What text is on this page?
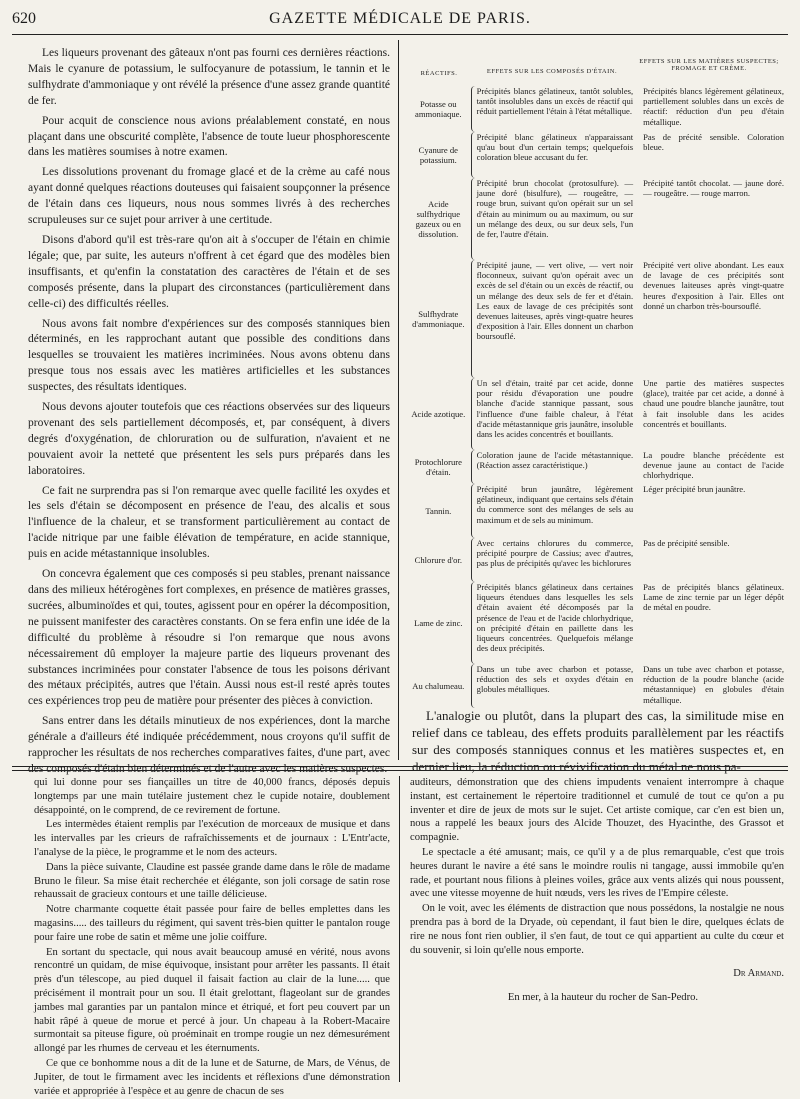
620	GAZETTE MÉDICALE DE PARIS.

Les liqueurs provenant des gâteaux n'ont pas fourni ces dernières réactions. Mais le cyanure de potassium, le sulfocyanure de potassium, le tannin et le sulfhydrate d'ammoniaque y ont révélé la présence d'une assez grande quantité de fer.

Pour acquit de conscience nous avions préalablement constaté, en nous plaçant dans une obscurité complète, l'absence de toute lueur phosphorescente dans les matières soumises à notre examen.

Les dissolutions provenant du fromage glacé et de la crème au café nous ayant donné quelques réactions douteuses qui faisaient soupçonner la présence de l'étain dans ces liqueurs, nous nous sommes livrés à des recherches scrupuleuses sur ce sujet pour arriver à une certitude.

Disons d'abord qu'il est très-rare qu'on ait à s'occuper de l'étain en chimie légale; que, par suite, les auteurs n'offrent à cet égard que des modèles bien insuffisants, et qu'enfin la constatation des caractères de l'étain et de ses composés présente, dans la plupart des circonstances (particulièrement dans celle-ci) des difficultés réelles.

Nous avons fait nombre d'expériences sur des composés stanniques bien déterminés, en les rapprochant autant que possible des conditions dans lesquelles se trouvaient les matières incriminées. Nous avons obtenu dans presque tous nos essais avec les matières artificielles et les substances suspectes, des résultats identiques.

Nous devons ajouter toutefois que ces réactions observées sur des liqueurs provenant des sels partiellement décomposés, et, par conséquent, à divers degrés d'oxygénation, de chloruration ou de sulfuration, n'avaient et ne pouvaient avoir la netteté que présentent les sels purs préparés dans les laboratoires.

Ce fait ne surprendra pas si l'on remarque avec quelle facilité les oxydes et les sels d'étain se décomposent en présence de l'eau, des alcalis et sous l'influence de la chaleur, et se transforment particulièrement au contact de l'acide nitrique par une faible élévation de température, en acide stannique, puis en acide métastannique insolubles.

On concevra également que ces composés si peu stables, prenant naissance dans des milieux hétérogènes fort complexes, en présence de matières grasses, sucrées, albuminoïdes et qui, toutes, agissent pour en opérer la décomposition, ne puissent manifester des caractères constants. On se fera enfin une idée de la difficulté du problème à résoudre si l'on remarque que nous avons nécessairement dû employer la majeure partie des liqueurs provenant des substances incriminées pour constater l'absence de tous les poisons dérivant des métaux précipités, autres que l'étain. Aussi nous est-il resté après toutes ces expériences trop peu de matière pour présenter des pièces à conviction.

Sans entrer dans les détails minutieux de nos expériences, dont la marche générale a d'ailleurs été indiquée précédemment, nous croyons qu'il suffit de rapprocher les résultats de nos recherches comparatives faites, d'une part, avec des composés d'étain bien déterminés et de l'autre avec les matières suspectes.

RÉACTIFS.	EFFETS SUR LES COMPOSÉS D'ÉTAIN.
EFFETS SUR LES MATIÈRES SUSPECTES; FROMAGE ET CRÈME.
Potasse ou ammoniaque.
Précipités blancs gélatineux, tantôt solubles, tantôt insolubles dans un excès de réactif qui réduit partiellement l'étain à l'état métallique.
Précipités blancs légèrement gélatineux, partiellement solubles dans un excès de réactif: réduction d'un peu d'étain métallique.
Cyanure de potassium.
Précipité blanc gélatineux n'apparaissant qu'au bout d'un certain temps; quelquefois coloration bleue accusant du fer.
Pas de précité sensible. Coloration bleue.
Acide sulfhydrique gazeux ou en dissolution.
Précipité brun chocolat (protosulfure). — jaune doré (bisulfure), — rougeâtre, — rouge brun, suivant qu'on opérait sur un sel d'étain au minimum ou au maximum, ou sur un mélange des deux, ou sur deux sels, l'un de fer, l'autre d'étain.
Précipité tantôt chocolat. — jaune doré. — rougeâtre. — rouge marron.
Sulfhydrate d'ammoniaque.
Précipité jaune, — vert olive, — vert noir floconneux, suivant qu'on opérait avec un excès de sel d'étain ou un excès de réactif, ou un mélange des deux sels de fer et d'étain. Les eaux de lavage de ces précipités sont devenues laiteuses, après vingt-quatre heures d'exposition à l'air. Elles donnent un charbon boursouflé.
Précipité vert olive abondant. Les eaux de lavage de ces précipités sont devenues laiteuses après vingt-quatre heures d'exposition à l'air. Elles ont donné un charbon très-boursouflé.
Acide azotique.
Un sel d'étain, traité par cet acide, donne pour résidu d'évaporation une poudre blanche d'acide stannique passant, sous l'influence d'une faible chaleur, à l'état d'acide métastannique gris jaunâtre, insoluble dans les acides concentrés et bouillants.
Une partie des matières suspectes (glace), traitée par cet acide, a donné à chaud une poudre blanche jaunâtre, tout à fait insoluble dans les acides concentrés et bouillants.
Protochlorure d'étain.
Coloration jaune de l'acide métastannique. (Réaction assez caractéristique.)
La poudre blanche précédente est devenue jaune au contact de l'acide chlorhydrique.
Tannin.
Précipité brun jaunâtre, légèrement gélatineux, indiquant que certains sels d'étain du commerce sont des mélanges de sels au maximum et de sels au minimum.
Léger précipité brun jaunâtre.
Chlorure d'or.
Avec certains chlorures du commerce, précipité pourpre de Cassius; avec d'autres, pas plus de précipités qu'avec les bichlorures
Pas de précipité sensible.
Lame de zinc.
Précipités blancs gélatineux dans certaines liqueurs étendues dans lesquelles les sels d'étain avaient été décomposés par la présence de l'eau et de l'acide chlorhydrique, on précipité d'étain en paillette dans les liqueurs concentrées. Quelquefois mélange des deux précipités.
Pas de précipités blancs gélatineux. Lame de zinc ternie par un léger dépôt de métal en poudre.
Au chalumeau.
Dans un tube avec charbon et potasse, réduction des sels et oxydes d'étain en globules métalliques.
Dans un tube avec charbon et potasse, réduction de la poudre blanche (acide métastannique) en globules d'étain métallique.

L'analogie ou plutôt, dans la plupart des cas, la similitude mise en relief dans ce tableau, des effets produits parallèlement par les réactifs sur des composés stanniques connus et les matières suspectes et, en dernier lieu, la réduction ou révivification du métal ne nous pa-

qui lui donne pour ses fiançailles un titre de 40,000 francs, déposés depuis longtemps par une main tutélaire justement chez le cupide notaire, doublement désappointé, on le comprend, de ce revirement de fortune.

Les intermèdes étaient remplis par l'exécution de morceaux de musique et dans les intervalles par les crieurs de rafraîchissements et de journaux : L'Entr'acte, l'analyse de la pièce, le programme et le nom des acteurs.

Dans la pièce suivante, Claudine est passée grande dame dans le rôle de madame Bruno le fileur. Sa mise était recherchée et élégante, son joli corsage de satin rose rehaussait de gracieux contours et une taille délicieuse.

Notre charmante coquette était passée pour faire de belles emplettes dans les magasins..... des tailleurs du régiment, qui savent très-bien quitter le pantalon rouge pour faire une robe de satin et même une jolie coiffure.

En sortant du spectacle, qui nous avait beaucoup amusé en vérité, nous avons rencontré un quidam, de mise équivoque, insistant pour arrêter les passants. Il était près d'un télescope, au pied duquel il faisait faction au clair de la lune..... que précisément il montrait pour un sou. Il était grelottant, flageolant sur de grandes jambes mal garanties par un pantalon mince et étriqué, et fort peu couvert par un habit râpé à queue de morue et percé à jour. Un chapeau à la Robert-Macaire surmontait sa piteuse figure, où proéminait en trompe rougie un nez démesurément allongé par les rhumes de cerveau et les éternuments.

Ce que ce bonhomme nous a dit de la lune et de Saturne, de Mars, de Vénus, de Jupiter, de tout le firmament avec les incidents et réflexions d'une démonstration variée et appropriée à l'espèce et au genre de chacun de ses

auditeurs, démonstration que des chiens impudents venaient interrompre à chaque instant, est certainement le répertoire traditionnel et cumulé de tout ce qu'on a pu inventer et dire de jeux de mots sur le sujet. Cet artiste comique, car c'en est bien un, nous a rappelé les beaux jours des Alcide Thouzet, des Hyacinthe, des Grassot et compagnie.

Le spectacle a été amusant; mais, ce qu'il y a de plus remarquable, c'est que trois heures durant le navire a été sans le moindre roulis ni tangage, aussi immobile qu'en rade, et pourtant nous filions à pleines voiles, grâce aux vents alizés qui nous poussent, avec une vitesse moyenne de huit nœuds, vers les rives de l'Empire céleste.

On le voit, avec les éléments de distraction que nous possédons, la nostalgie ne nous prendra pas à bord de la Dryade, où cependant, il faut bien le dire, quelques éclats de rire ne nous font rien oublier, il s'en faut, de tout ce qui appartient au culte du cœur et du souvenir, si loin qu'elle nous emporte.

Dr Armand.

En mer, à la hauteur du rocher de San-Pedro.
